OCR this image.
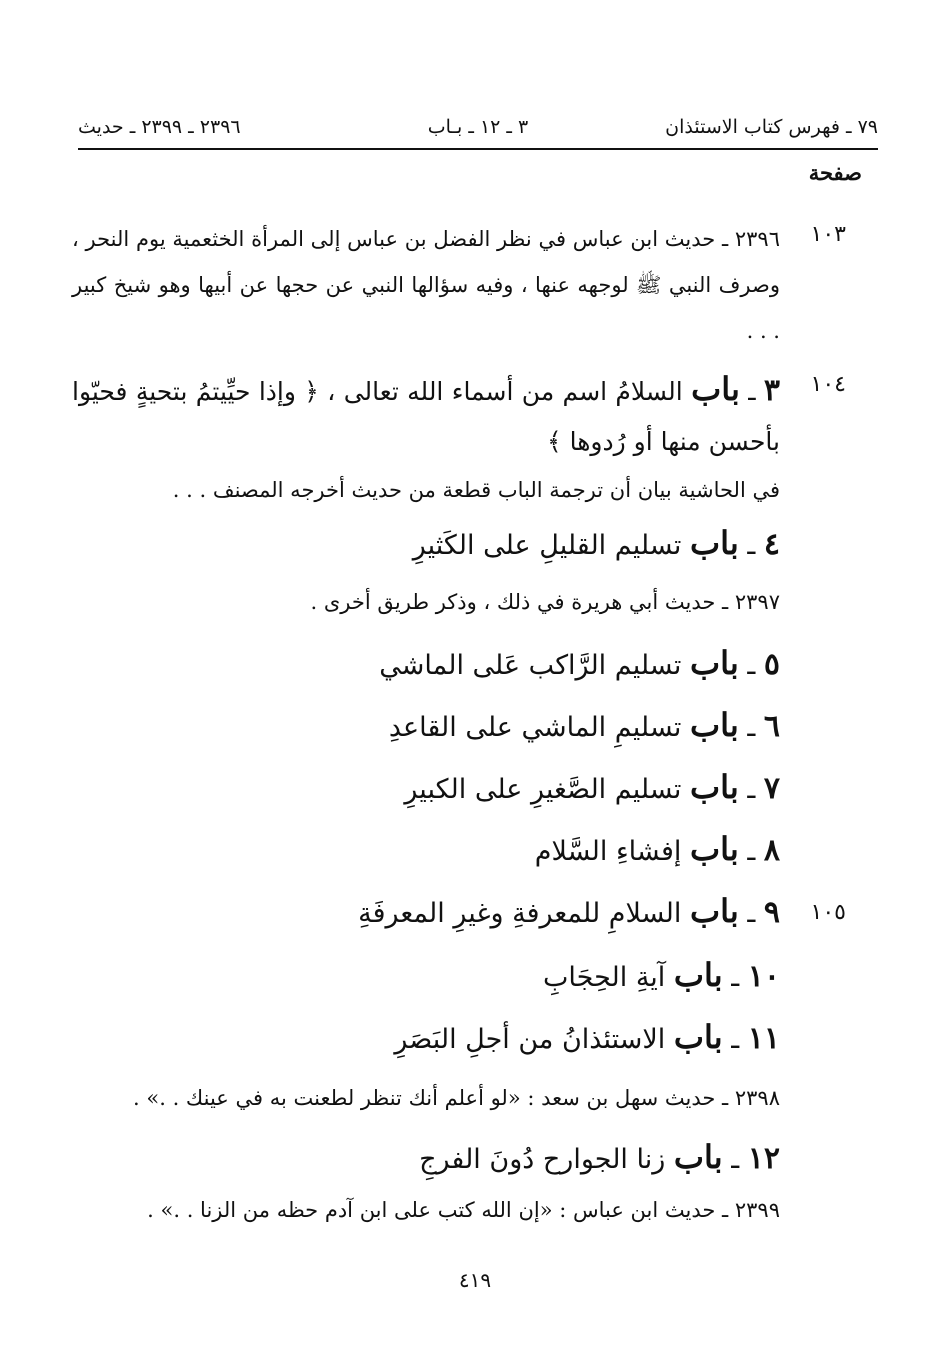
٧٩ ـ فهرس كتاب الاستئذان
٣ ـ ١٢ ـ بـاب
٢٣٩٦ ـ ٢٣٩٩ ـ حديث
صفحة
١٠٣
٢٣٩٦ ـ حديث ابن عباس في نظر الفضل بن عباس إلى المرأة الخثعمية يوم النحر ، وصرف النبي ﷺ لوجهه عنها ، وفيه سؤالها النبي عن حجها عن أبيها وهو شيخ كبير . . .
١٠٤
٣ ـ باب السلامُ اسم من أسماء الله تعالى ، ﴿ وإذا حيِّيتمُ بتحيةٍ فحيّوا بأحسن منها أو رُدوها ﴾
في الحاشية بيان أن ترجمة الباب قطعة من حديث أخرجه المصنف . . .
٤ ـ باب تسليم القليلِ على الكَثيرِ
٢٣٩٧ ـ حديث أبي هريرة في ذلك ، وذكر طريق أخرى .
٥ ـ باب تسليم الرَّاكب عَلى الماشي
٦ ـ باب تسليمِ الماشي على القاعدِ
٧ ـ باب تسليم الصَّغيرِ على الكبيرِ
٨ ـ باب إفشاءِ السَّلام
١٠٥
٩ ـ باب السلامِ للمعرفةِ وغيرِ المعرفَةِ
١٠ ـ باب آيةِ الحِجَابِ
١١ ـ باب الاستئذانُ من أجلِ البَصَرِ
٢٣٩٨ ـ حديث سهل بن سعد : «لو أعلم أنك تنظر لطعنت به في عينك . .» .
١٢ ـ باب زنا الجوارح دُونَ الفرجِ
٢٣٩٩ ـ حديث ابن عباس : «إن الله كتب على ابن آدم حظه من الزنا . .» .
٤١٩
